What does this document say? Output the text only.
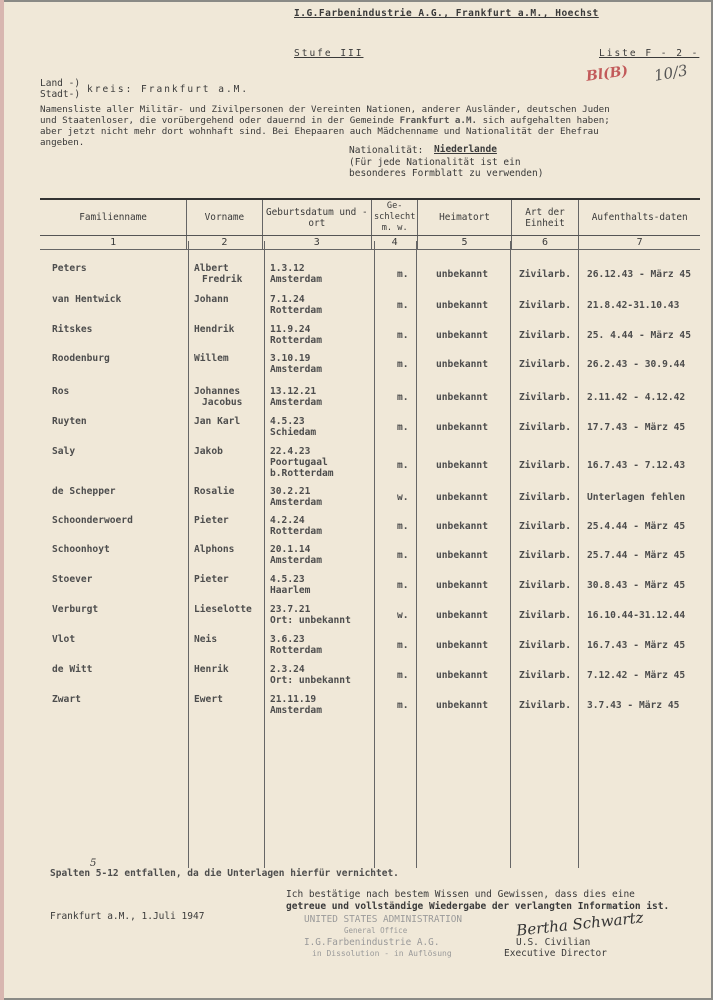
I.G.Farbenindustrie A.G., Frankfurt a.M., Hoechst
Stufe III	Liste F - 2 -
Bl(B) 10/3
Land -)
Stadt-) kreis: Frankfurt a.M.
Namensliste aller Militär- und Zivilpersonen der Vereinten Nationen, anderer Ausländer, deutschen Juden
und Staatenloser, die vorübergehend oder dauernd in der Gemeinde Frankfurt a.M. sich aufgehalten haben;
aber jetzt nicht mehr dort wohnhaft sind. Bei Ehepaaren auch Mädchenname und Nationalität der Ehefrau
angeben.
Nationalität: Niederlande
(Für jede Nationalität ist ein
besonderes Formblatt zu verwenden)
Familienname	Vorname	Geburtsdatum und -ort	Ge-schlecht m. w.	Heimatort	Art der Einheit	Aufenthalts-daten
1	2	3	4	5	6	7
Peters	Albert
Fredrik
1.3.12
Amsterdam	m.	unbekannt	Zivilarb. 26.12.43 - März 45
van Hentwick	Johann	7.1.24
Rotterdam	m.	unbekannt	Zivilarb. 21.8.42-31.10.43
Ritskes	Hendrik	11.9.24
Rotterdam	m.	unbekannt	Zivilarb. 25. 4.44 - März 45
Roodenburg	Willem	3.10.19
Amsterdam	m.	unbekannt	Zivilarb. 26.2.43 - 30.9.44
Ros	Johannes
Jacobus
13.12.21
Amsterdam	m.	unbekannt	Zivilarb. 2.11.42 - 4.12.42
Ruyten	Jan Karl	4.5.23
Schiedam	m.	unbekannt	Zivilarb. 17.7.43 - März 45
Saly	Jakob	22.4.23
Poortugaal b.Rotterdam
m.	unbekannt	Zivilarb. 16.7.43 - 7.12.43
de Schepper	Rosalie	30.2.21
Amsterdam	w.	unbekannt	Zivilarb. Unterlagen fehlen
Schoonderwoerd	Pieter	4.2.24
Rotterdam	m.	unbekannt	Zivilarb. 25.4.44 - März 45
Schoonhoyt	Alphons	20.1.14
Amsterdam	m.	unbekannt	Zivilarb. 25.7.44 - März 45
Stoever	Pieter	4.5.23
Haarlem	m.	unbekannt	Zivilarb. 30.8.43 - März 45
Verburgt	Lieselotte 23.7.21
Ort: unbekannt	w.	unbekannt	Zivilarb. 16.10.44-31.12.44
Vlot	Neis	3.6.23
Rotterdam	m.	unbekannt	Zivilarb. 16.7.43 - März 45
de Witt	Henrik	2.3.24
Ort: unbekannt	m.	unbekannt	Zivilarb. 7.12.42 - März 45
Zwart	Ewert	21.11.19
Amsterdam	m.	unbekannt	Zivilarb. 3.7.43 - März 45
Spalten 5-12 entfallen, da die Unterlagen hierfür vernichtet.
5
Ich bestätige nach bestem Wissen und Gewissen, dass dies eine
getreue und vollständige Wiedergabe der verlangten Information ist.
Frankfurt a.M., 1.Juli 1947	UNITED STATES ADMINISTRATION
General Office
I.G.Farbenindustrie A.G.
in Dissolution - in Auflösung
Bertha Schwartz
U.S. Civilian
Executive Director
